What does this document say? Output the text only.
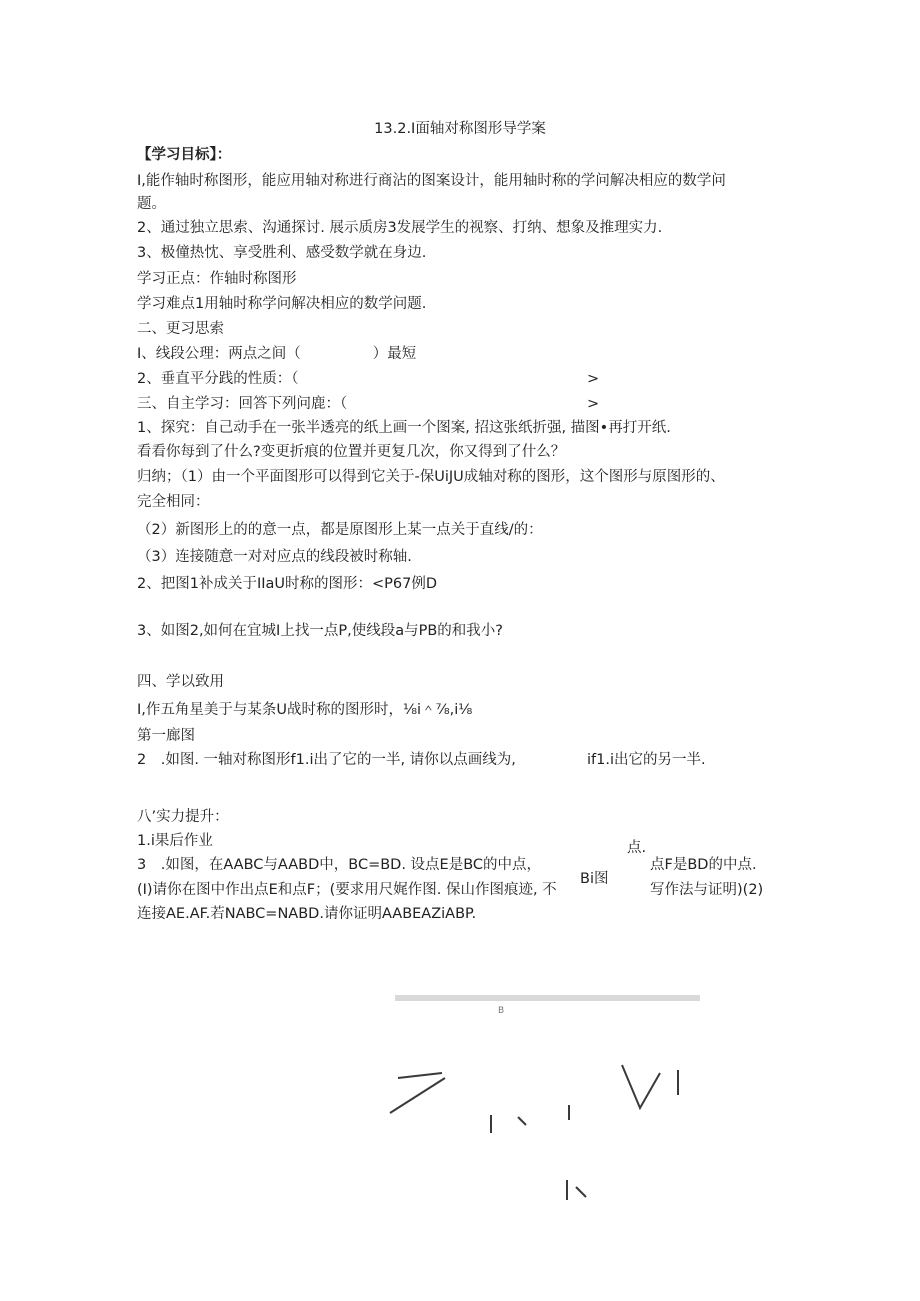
13.2.I面轴对称图形导学案
【学习目标】：
I,能作轴时称图形，能应用轴对称进行商沾的图案设计，能用轴时称的学问解决相应的数学问
题。
2、通过独立思索、沟通探讨. 展示质房3发展学生的视察、打纳、想象及推理实力.
3、极僮热忱、享受胜利、感受数学就在身边.
学习正点：作轴时称图形
学习难点1用轴时称学问解决相应的数学问题.
二、更习思索
I、线段公理：两点之间（	）最短
2、垂直平分践的性质：（	>
三、自主学习：回答下列问鹿：（	>
1、探究：自己动手在一张半透亮的纸上画一个图案, 招这张纸折强, 描图•再打开纸.
看看你每到了什么?变更折痕的位置并更复几次，你又得到了什么？
归纳；（1）由一个平面图形可以得到它关于-保UiJU成轴对称的图形，这个图形与原图形的、
完全相同：
（2）新图形上的的意一点，都是原图形上某一点关于直线/的：
（3）连接随意一对对应点的线段被时称轴.
2、把图1补成关于IIaU时称的图形：<P67例D
3、如图2,如何在宜城I上找一点P,使线段a与PB的和我小?
四、学以致用
I,作五角星美于与某条U战时称的图形时，⅛i＾⅞,i⅛
第一廊图
2　.如图. 一轴对称图形f1.i出了它的一半, 请你以点画线为,	if1.i出它的另一半.
八’实力提升：
1.i果后作业	点.
3　.如图，在AABC与AABD中，BC=BD. 设点E是BC的中点，	点F是BD的中点.
(I)请你在图中作出点E和点F；(要求用尺娓作图. 保山作图痕迹, 不
Bi图
写作法与证明)(2)
连接AE.AF.若NABC=NABD.请你证明AABEAZiABP.
B
